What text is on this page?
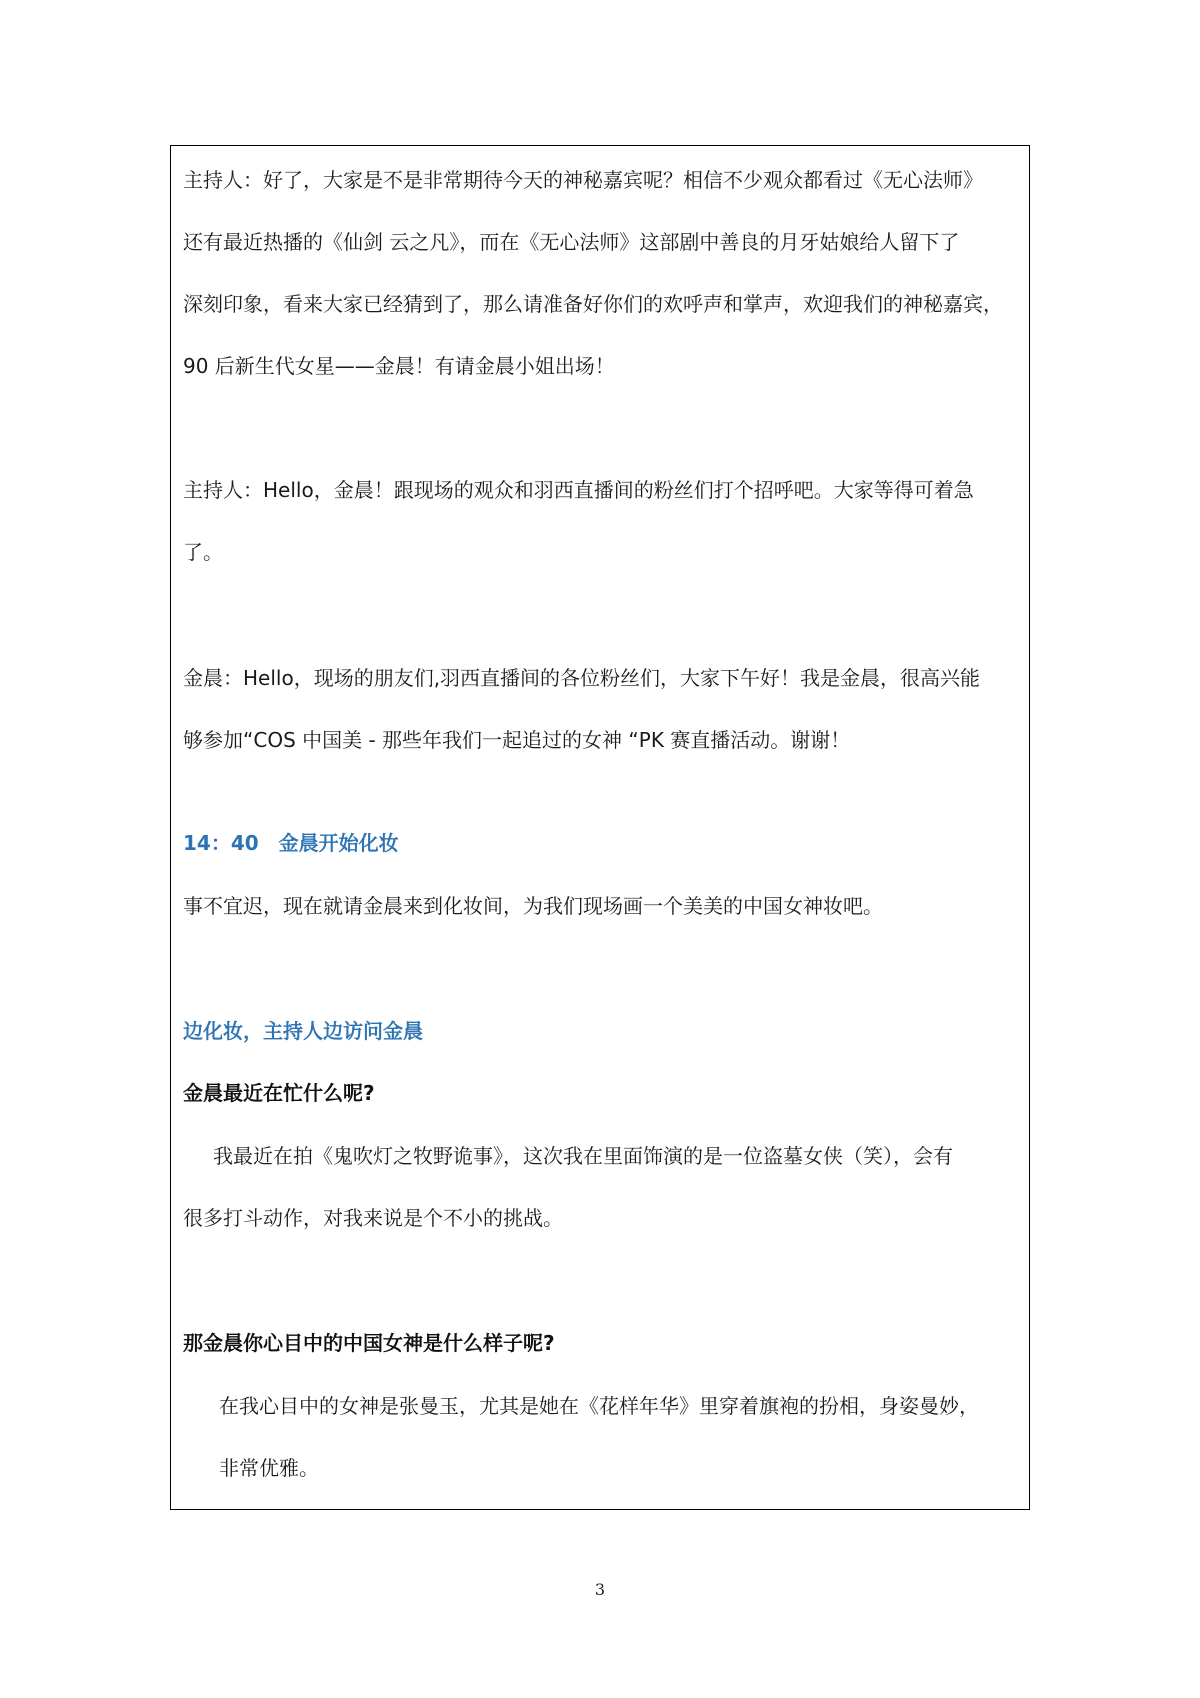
主持人：好了，大家是不是非常期待今天的神秘嘉宾呢？相信不少观众都看过《无心法师》
还有最近热播的《仙剑 云之凡》，而在《无心法师》这部剧中善良的月牙姑娘给人留下了
深刻印象，看来大家已经猜到了，那么请准备好你们的欢呼声和掌声，欢迎我们的神秘嘉宾，
90 后新生代女星——金晨！有请金晨小姐出场！
主持人：Hello，金晨！跟现场的观众和羽西直播间的粉丝们打个招呼吧。大家等得可着急
了。
金晨：Hello，现场的朋友们,羽西直播间的各位粉丝们，大家下午好！我是金晨，很高兴能
够参加“COS 中国美 - 那些年我们一起追过的女神 “PK 赛直播活动。谢谢！
14：40　金晨开始化妆
事不宜迟，现在就请金晨来到化妆间，为我们现场画一个美美的中国女神妆吧。
边化妆，主持人边访问金晨
金晨最近在忙什么呢?
我最近在拍《鬼吹灯之牧野诡事》，这次我在里面饰演的是一位盗墓女侠（笑），会有
很多打斗动作，对我来说是个不小的挑战。
那金晨你心目中的中国女神是什么样子呢?
在我心目中的女神是张曼玉，尤其是她在《花样年华》里穿着旗袍的扮相，身姿曼妙，
非常优雅。
3
